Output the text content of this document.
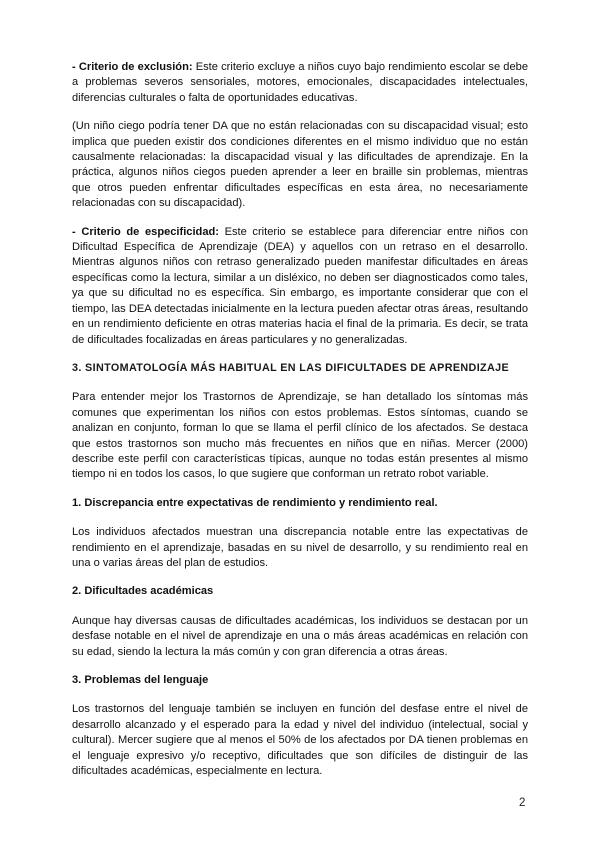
- Criterio de exclusión: Este criterio excluye a niños cuyo bajo rendimiento escolar se debe a problemas severos sensoriales, motores, emocionales, discapacidades intelectuales, diferencias culturales o falta de oportunidades educativas.

(Un niño ciego podría tener DA que no están relacionadas con su discapacidad visual; esto implica que pueden existir dos condiciones diferentes en el mismo individuo que no están causalmente relacionadas: la discapacidad visual y las dificultades de aprendizaje. En la práctica, algunos niños ciegos pueden aprender a leer en braille sin problemas, mientras que otros pueden enfrentar dificultades específicas en esta área, no necesariamente relacionadas con su discapacidad).

- Criterio de especificidad: Este criterio se establece para diferenciar entre niños con Dificultad Específica de Aprendizaje (DEA) y aquellos con un retraso en el desarrollo. Mientras algunos niños con retraso generalizado pueden manifestar dificultades en áreas específicas como la lectura, similar a un disléxico, no deben ser diagnosticados como tales, ya que su dificultad no es específica. Sin embargo, es importante considerar que con el tiempo, las DEA detectadas inicialmente en la lectura pueden afectar otras áreas, resultando en un rendimiento deficiente en otras materias hacia el final de la primaria. Es decir, se trata de dificultades focalizadas en áreas particulares y no generalizadas.

3. SINTOMATOLOGÍA MÁS HABITUAL EN LAS DIFICULTADES DE APRENDIZAJE

Para entender mejor los Trastornos de Aprendizaje, se han detallado los síntomas más comunes que experimentan los niños con estos problemas. Estos síntomas, cuando se analizan en conjunto, forman lo que se llama el perfil clínico de los afectados. Se destaca que estos trastornos son mucho más frecuentes en niños que en niñas. Mercer (2000) describe este perfil con características típicas, aunque no todas están presentes al mismo tiempo ni en todos los casos, lo que sugiere que conforman un retrato robot variable.

1. Discrepancia entre expectativas de rendimiento y rendimiento real.

Los individuos afectados muestran una discrepancia notable entre las expectativas de rendimiento en el aprendizaje, basadas en su nivel de desarrollo, y su rendimiento real en una o varias áreas del plan de estudios.

2. Dificultades académicas

Aunque hay diversas causas de dificultades académicas, los individuos se destacan por un desfase notable en el nivel de aprendizaje en una o más áreas académicas en relación con su edad, siendo la lectura la más común y con gran diferencia a otras áreas.

3. Problemas del lenguaje

Los trastornos del lenguaje también se incluyen en función del desfase entre el nivel de desarrollo alcanzado y el esperado para la edad y nivel del individuo (intelectual, social y cultural). Mercer sugiere que al menos el 50% de los afectados por DA tienen problemas en el lenguaje expresivo y/o receptivo, dificultades que son difíciles de distinguir de las dificultades académicas, especialmente en lectura.

2
